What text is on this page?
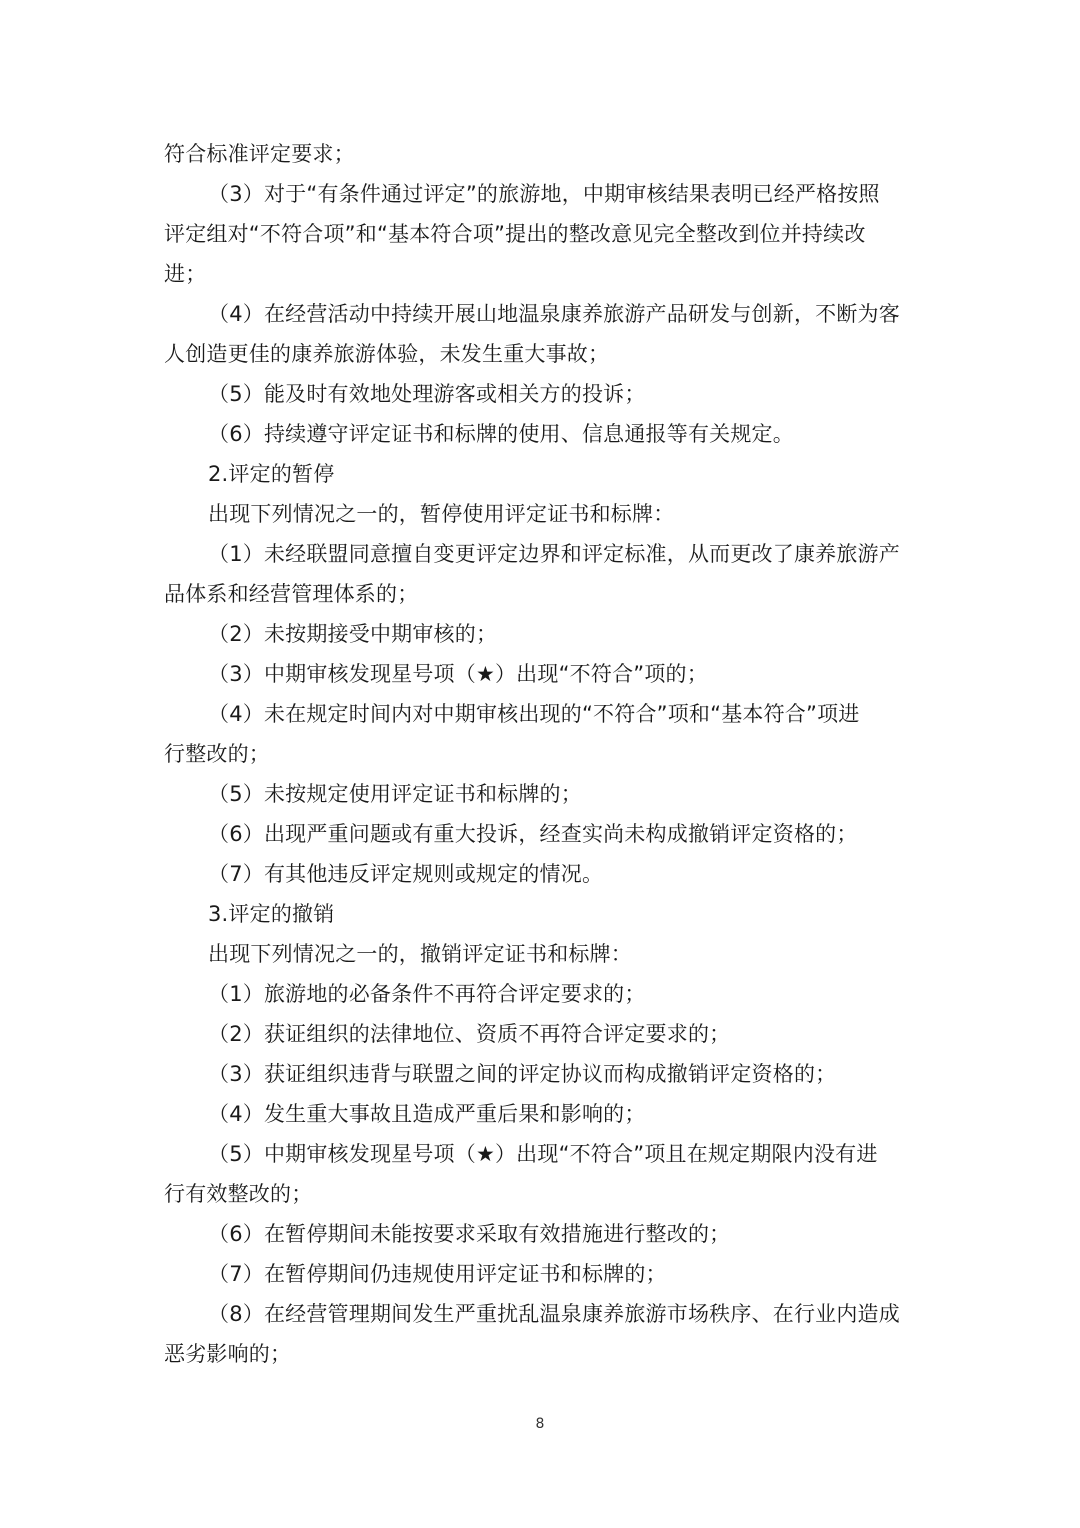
符合标准评定要求；
（3）对于“有条件通过评定”的旅游地，中期审核结果表明已经严格按照
评定组对“不符合项”和“基本符合项”提出的整改意见完全整改到位并持续改
进；
（4）在经营活动中持续开展山地温泉康养旅游产品研发与创新，不断为客
人创造更佳的康养旅游体验，未发生重大事故；
（5）能及时有效地处理游客或相关方的投诉；
（6）持续遵守评定证书和标牌的使用、信息通报等有关规定。
2.评定的暂停
出现下列情况之一的，暂停使用评定证书和标牌：
（1）未经联盟同意擅自变更评定边界和评定标准，从而更改了康养旅游产
品体系和经营管理体系的；
（2）未按期接受中期审核的；
（3）中期审核发现星号项（★）出现“不符合”项的；
（4）未在规定时间内对中期审核出现的“不符合”项和“基本符合”项进
行整改的；
（5）未按规定使用评定证书和标牌的；
（6）出现严重问题或有重大投诉，经查实尚未构成撤销评定资格的；
（7）有其他违反评定规则或规定的情况。
3.评定的撤销
出现下列情况之一的，撤销评定证书和标牌：
（1）旅游地的必备条件不再符合评定要求的；
（2）获证组织的法律地位、资质不再符合评定要求的；
（3）获证组织违背与联盟之间的评定协议而构成撤销评定资格的；
（4）发生重大事故且造成严重后果和影响的；
（5）中期审核发现星号项（★）出现“不符合”项且在规定期限内没有进
行有效整改的；
（6）在暂停期间未能按要求采取有效措施进行整改的；
（7）在暂停期间仍违规使用评定证书和标牌的；
（8）在经营管理期间发生严重扰乱温泉康养旅游市场秩序、在行业内造成
恶劣影响的；
8
